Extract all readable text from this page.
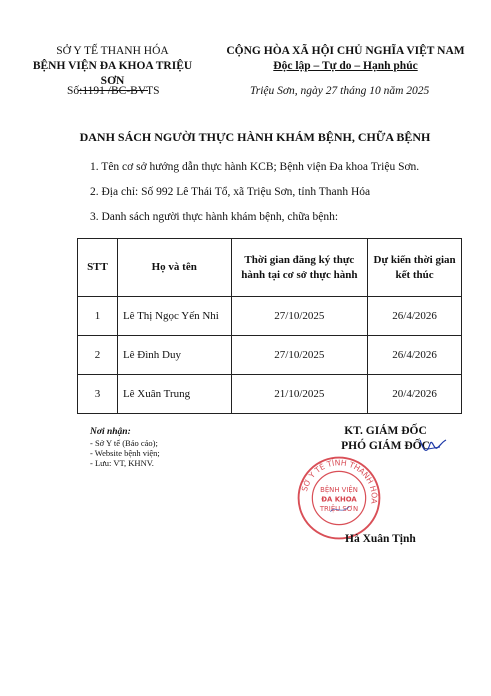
SỞ Y TẾ THANH HÓA
BỆNH VIỆN ĐA KHOA TRIỆU SƠN
Số:1191 /BC-BVTS
CỘNG HÒA XÃ HỘI CHỦ NGHĨA VIỆT NAM
Độc lập – Tự do – Hạnh phúc
Triệu Sơn, ngày 27 tháng 10 năm 2025
DANH SÁCH NGƯỜI THỰC HÀNH KHÁM BỆNH, CHỮA BỆNH
1. Tên cơ sở hướng dẫn thực hành KCB; Bệnh viện Đa khoa Triệu Sơn.
2. Địa chỉ: Số 992 Lê Thái Tổ, xã Triệu Sơn, tỉnh Thanh Hóa
3. Danh sách người thực hành khám bệnh, chữa bệnh:
STT	Họ và tên	Thời gian đăng ký thực hành tại cơ sở thực hành	Dự kiến thời gian kết thúc
1	Lê Thị Ngọc Yến Nhi	27/10/2025	26/4/2026
2	Lê Đình Duy	27/10/2025	26/4/2026
3	Lê Xuân Trung	21/10/2025	20/4/2026
Nơi nhận:
- Sở Y tế (Báo cáo);
- Website bệnh viện;
- Lưu: VT, KHNV.
KT. GIÁM ĐỐC
PHÓ GIÁM ĐỐC
SỞ Y TẾ TỈNH THANH HÓA
BỆNH VIỆN
ĐA KHOA
TRIỆU SƠN
Hà Xuân Tịnh
